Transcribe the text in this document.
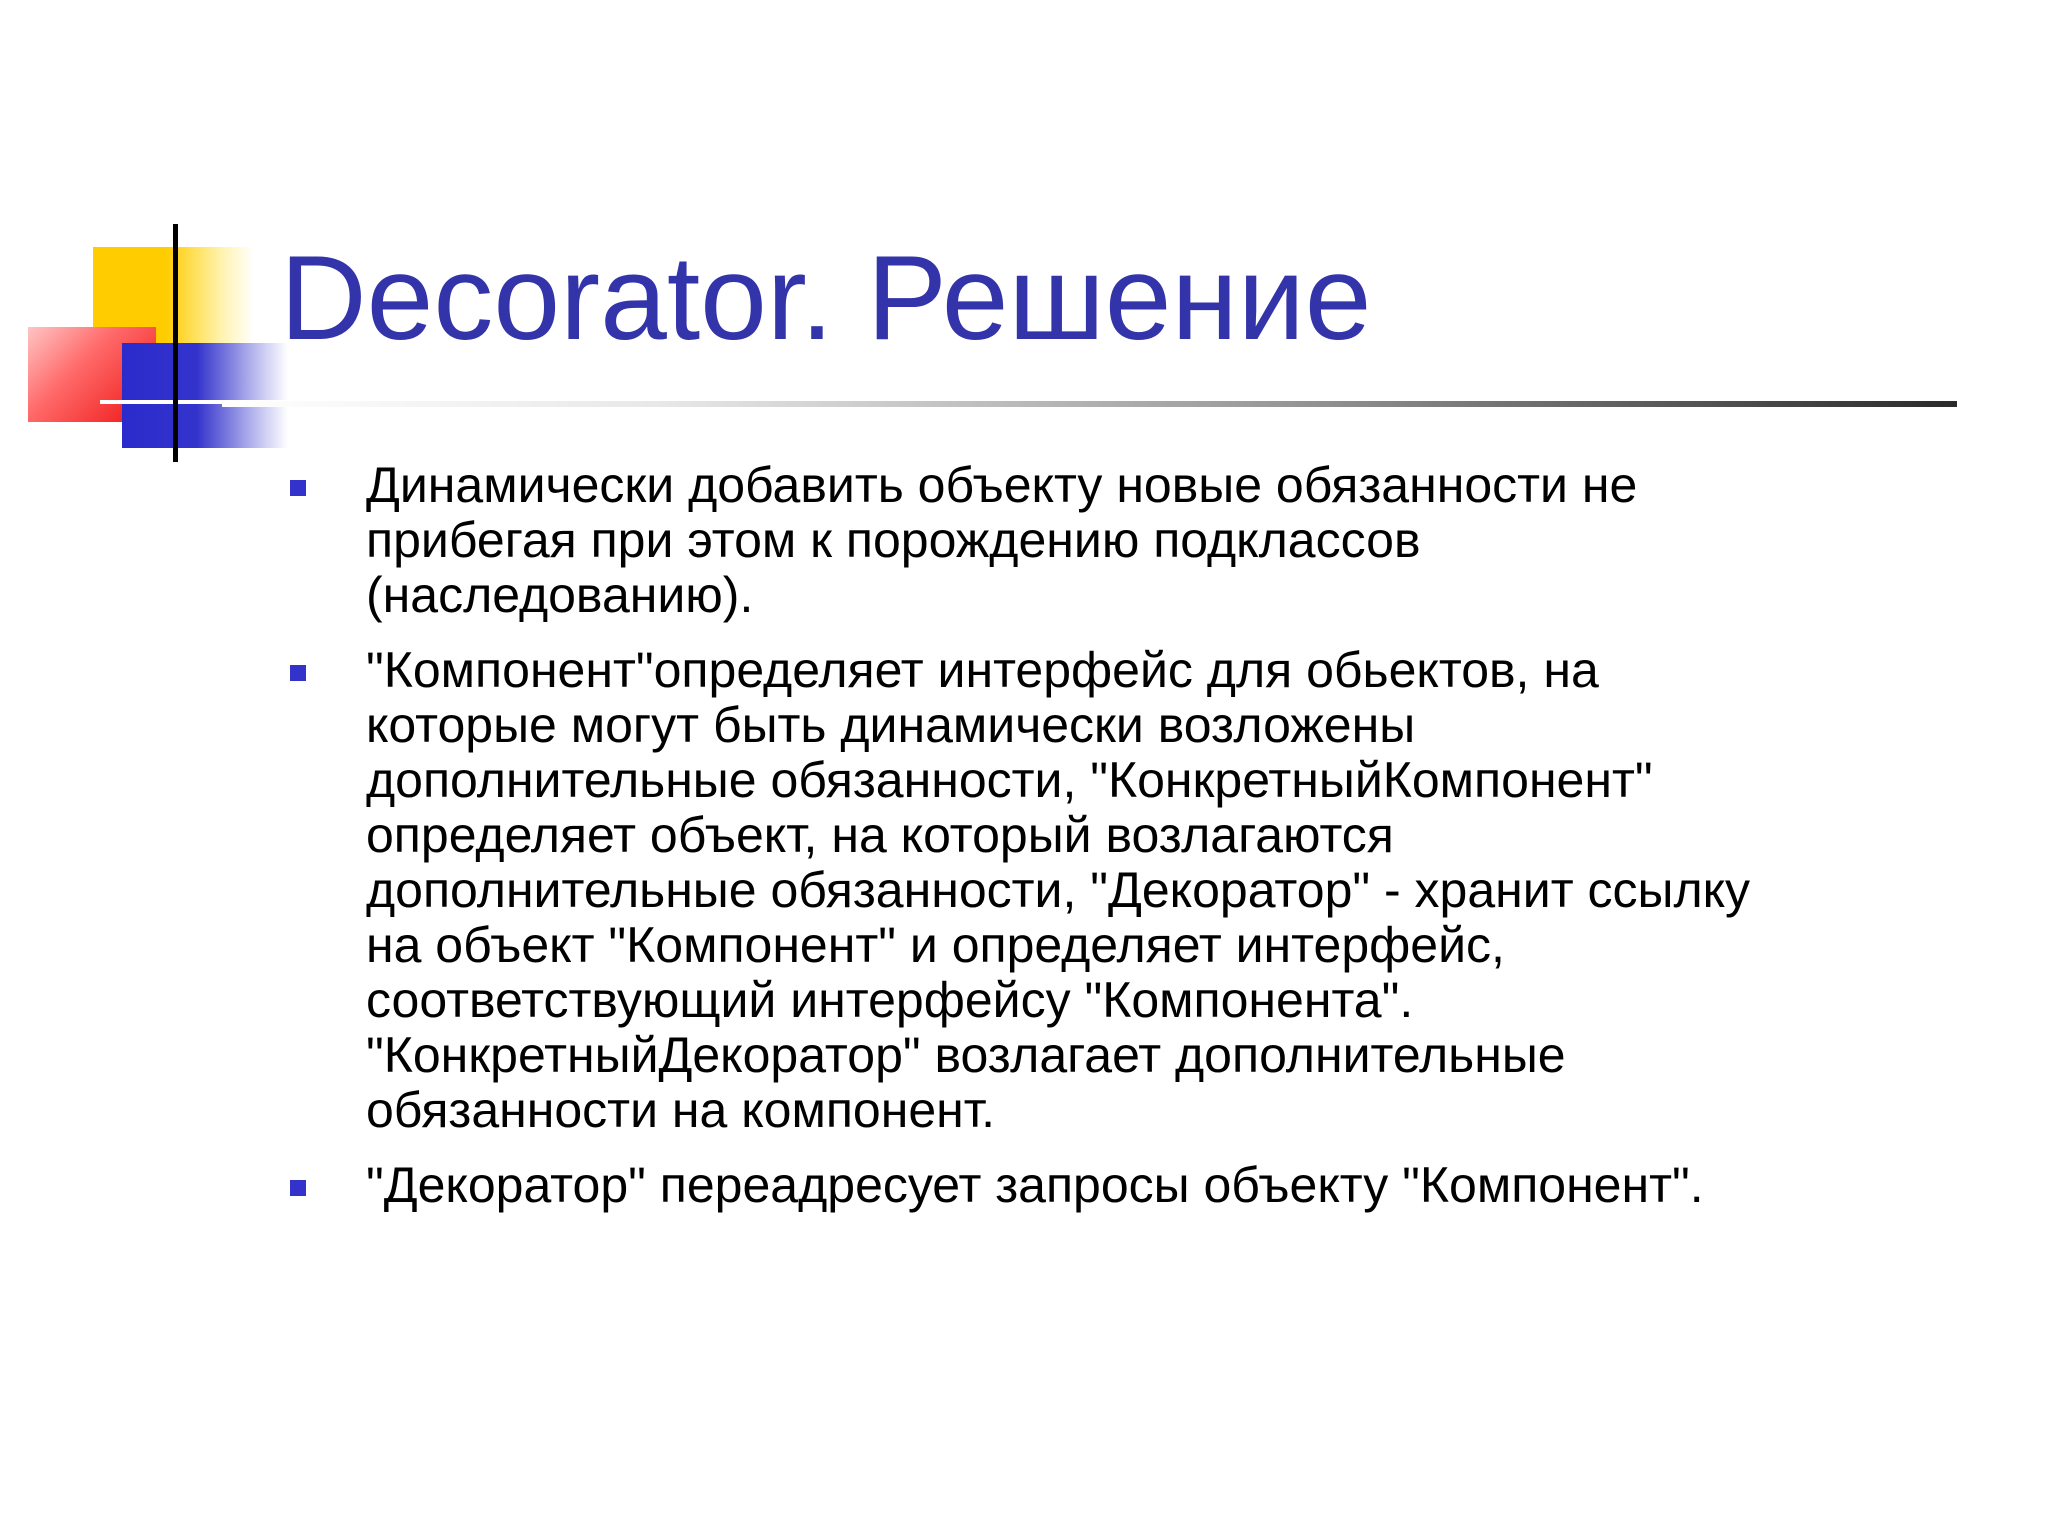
Decorator. Решение
Динамически добавить объекту новые обязанности не
прибегая при этом к порождению подклассов
(наследованию).
"Компонент"определяет интерфейс для обьектов, на
которые могут быть динамически возложены
дополнительные обязанности, "КонкретныйКомпонент"
определяет объект, на который возлагаются
дополнительные обязанности, "Декоратор" - хранит ссылку
на объект "Компонент" и определяет интерфейс,
соответствующий интерфейсу "Компонента".
"КонкретныйДекоратор" возлагает дополнительные
обязанности на компонент.
"Декоратор" переадресует запросы объекту "Компонент".
